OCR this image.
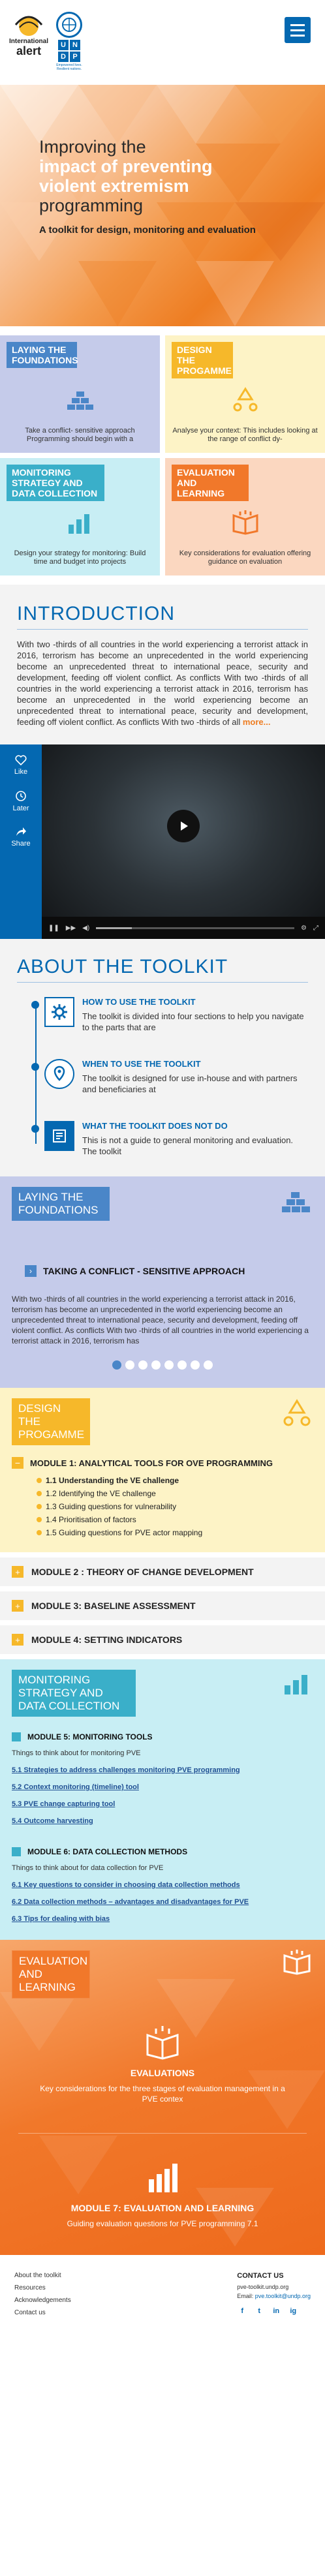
International
alert	U N
D P
Empowered lives. Resilient nations.
Improving the
impact of preventing
violent extremism
programming
A toolkit for design, monitoring and evaluation
LAYING THE FOUNDATIONS
Take a conflict- sensitive approach Programming should begin with a
DESIGN THE PROGAMME
Analyse your context: This includes looking at the range of conflict dy-
MONITORING STRATEGY AND DATA COLLECTION
Design your strategy for monitoring: Build time and budget into projects
EVALUATION AND LEARNING
Key considerations for evaluation offering guidance on evaluation
INTRODUCTION

With two -thirds of all countries in the world experiencing a terrorist attack in 2016, terrorism has become an unprecedented in the world experiencing become an unprecedented threat to international peace, security and development, feeding off violent conflict. As conflicts With two -thirds of all countries in the world experiencing a terrorist attack in 2016, terrorism has become an unprecedented in the world experiencing become an unprecedented threat to international peace, security and development, feeding off violent conflict. As conflicts With two -thirds of all more...

Like
Later
Share
❚❚ ▶▶ ◀)	⚙ ⤢
ABOUT THE TOOLKIT
HOW TO USE THE TOOLKIT
The toolkit is divided into four sections to help you navigate to the parts that are
WHEN TO USE THE TOOLKIT
The toolkit is designed for use in-house and with partners and beneficiaries at
WHAT THE TOOLKIT DOES NOT DO
This is not a guide to general monitoring and evaluation. The toolkit
LAYING THE FOUNDATIONS
›	TAKING A CONFLICT - SENSITIVE APPROACH

With two -thirds of all countries in the world experiencing a terrorist attack in 2016, terrorism has become an unprecedented in the world experiencing become an unprecedented threat to international peace, security and development, feeding off violent conflict. As conflicts With two -thirds of all countries in the world experiencing a terrorist attack in 2016, terrorism has

DESIGN THE PROGAMME
−	MODULE 1: ANALYTICAL TOOLS FOR OVE PROGRAMMING
1.1 Understanding the VE challenge
1.2 Identifying the VE challenge
1.3 Guiding questions for vulnerability
1.4 Prioritisation of factors
1.5 Guiding questions for PVE actor mapping
+	MODULE 2 : THEORY OF CHANGE DEVELOPMENT
+	MODULE 3: BASELINE ASSESSMENT
+	MODULE 4: SETTING INDICATORS
MONITORING STRATEGY AND DATA COLLECTION
MODULE 5: MONITORING TOOLS
Things to think about for monitoring PVE
5.1 Strategies to address challenges monitoring PVE programming
5.2 Context monitoring (timeline) tool
5.3 PVE change capturing tool
5.4 Outcome harvesting
MODULE 6: DATA COLLECTION METHODS
Things to think about for data collection for PVE
6.1 Key questions to consider in choosing data collection methods
6.2 Data collection methods – advantages and disadvantages for PVE
6.3 Tips for dealing with bias
EVALUATION AND LEARNING
EVALUATIONS
Key considerations for the three stages of evaluation management in a PVE contex
MODULE 7: EVALUATION AND LEARNING
Guiding evaluation questions for PVE programming 7.1
About the toolkit
Resources
Acknowledgements
Contact us
CONTACT US
pve-toolkit.undp.org
Email: pve.toolkit@undp.org
f	t	in ig
